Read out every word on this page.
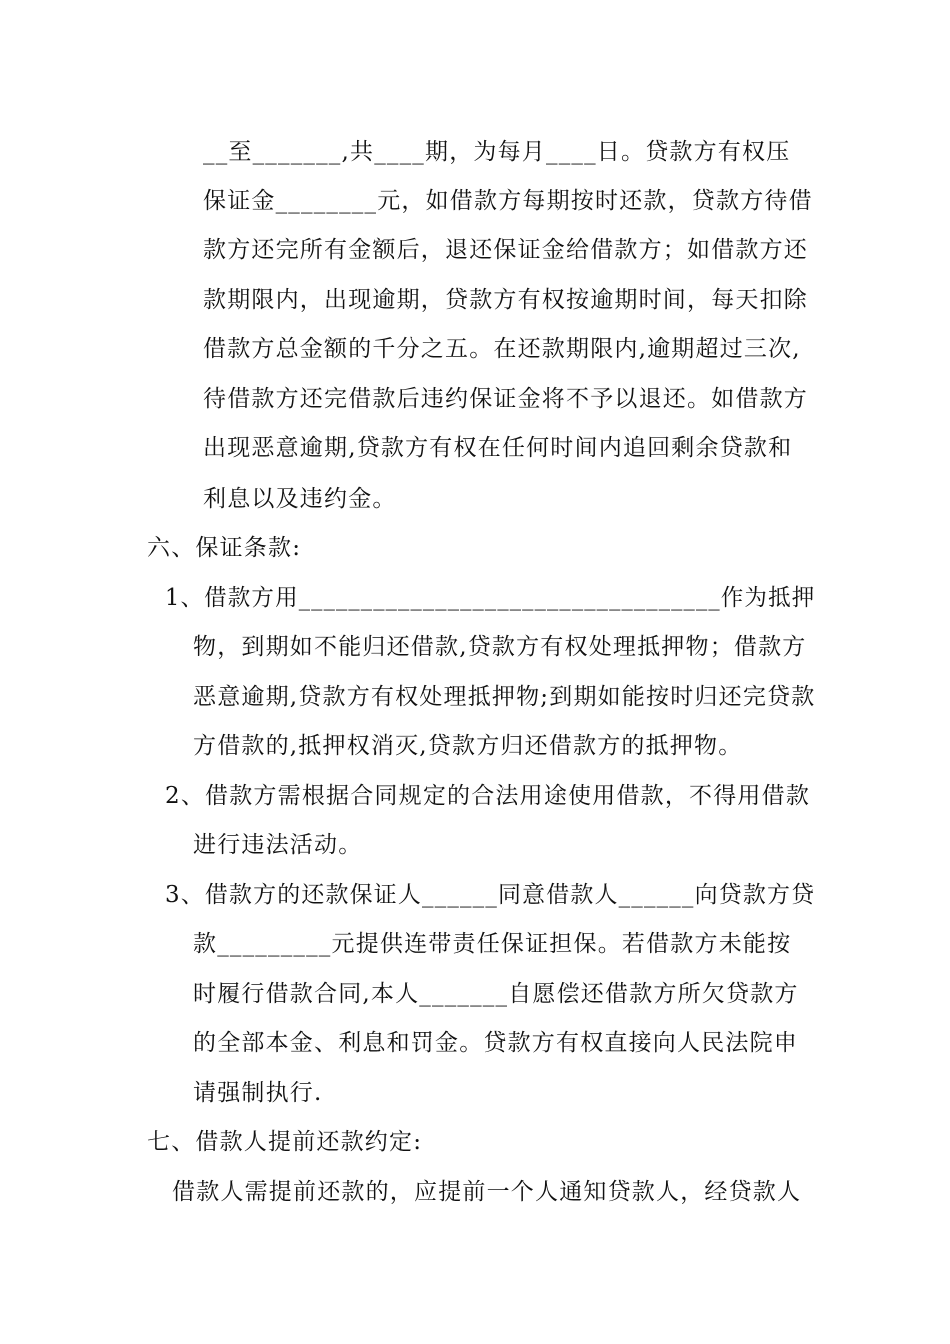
__至_______,共____期，为每月____日。贷款方有权压
保证金________元，如借款方每期按时还款，贷款方待借
款方还完所有金额后，退还保证金给借款方；如借款方还
款期限内，出现逾期，贷款方有权按逾期时间，每天扣除
借款方总金额的千分之五。在还款期限内,逾期超过三次,
待借款方还完借款后违约保证金将不予以退还。如借款方
出现恶意逾期,贷款方有权在任何时间内追回剩余贷款和
利息以及违约金。
六、保证条款:
1、借款方用__________________________________作为抵押
物，到期如不能归还借款,贷款方有权处理抵押物；借款方
恶意逾期,贷款方有权处理抵押物;到期如能按时归还完贷款
方借款的,抵押权消灭,贷款方归还借款方的抵押物。
2、借款方需根据合同规定的合法用途使用借款，不得用借款
进行违法活动。
3、借款方的还款保证人______同意借款人______向贷款方贷
款_________元提供连带责任保证担保。若借款方未能按
时履行借款合同,本人_______自愿偿还借款方所欠贷款方
的全部本金、利息和罚金。贷款方有权直接向人民法院申
请强制执行.
七、借款人提前还款约定:
借款人需提前还款的，应提前一个人通知贷款人，经贷款人
